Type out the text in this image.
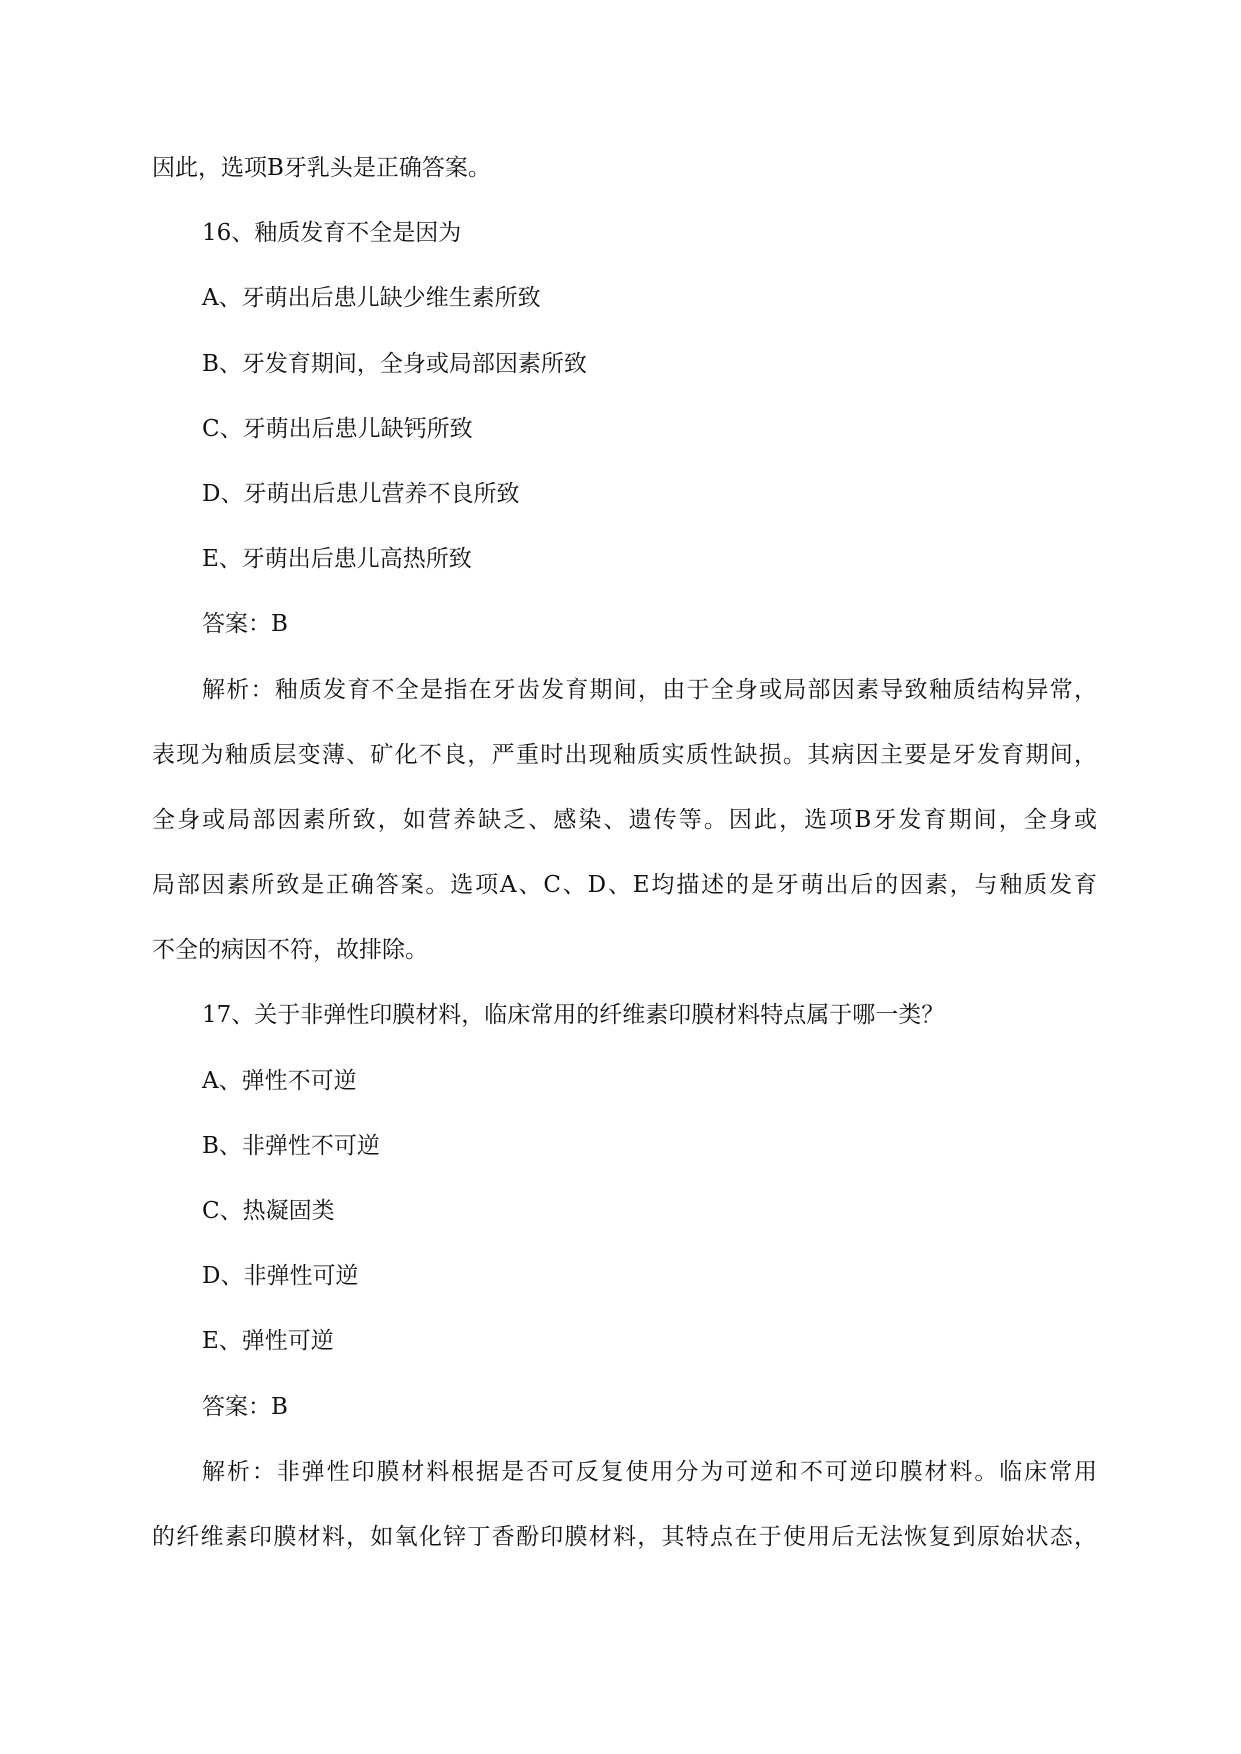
因此，选项B牙乳头是正确答案。

16、釉质发育不全是因为

A、牙萌出后患儿缺少维生素所致

B、牙发育期间，全身或局部因素所致

C、牙萌出后患儿缺钙所致

D、牙萌出后患儿营养不良所致

E、牙萌出后患儿高热所致

答案：B

解析：釉质发育不全是指在牙齿发育期间，由于全身或局部因素导致釉质结构异常，

表现为釉质层变薄、矿化不良，严重时出现釉质实质性缺损。其病因主要是牙发育期间，

全身或局部因素所致，如营养缺乏、感染、遗传等。因此，选项B牙发育期间，全身或

局部因素所致是正确答案。选项A、C、D、E均描述的是牙萌出后的因素，与釉质发育

不全的病因不符，故排除。

17、关于非弹性印膜材料，临床常用的纤维素印膜材料特点属于哪一类？

A、弹性不可逆

B、非弹性不可逆

C、热凝固类

D、非弹性可逆

E、弹性可逆

答案：B

解析：非弹性印膜材料根据是否可反复使用分为可逆和不可逆印膜材料。临床常用

的纤维素印膜材料，如氧化锌丁香酚印膜材料，其特点在于使用后无法恢复到原始状态，
